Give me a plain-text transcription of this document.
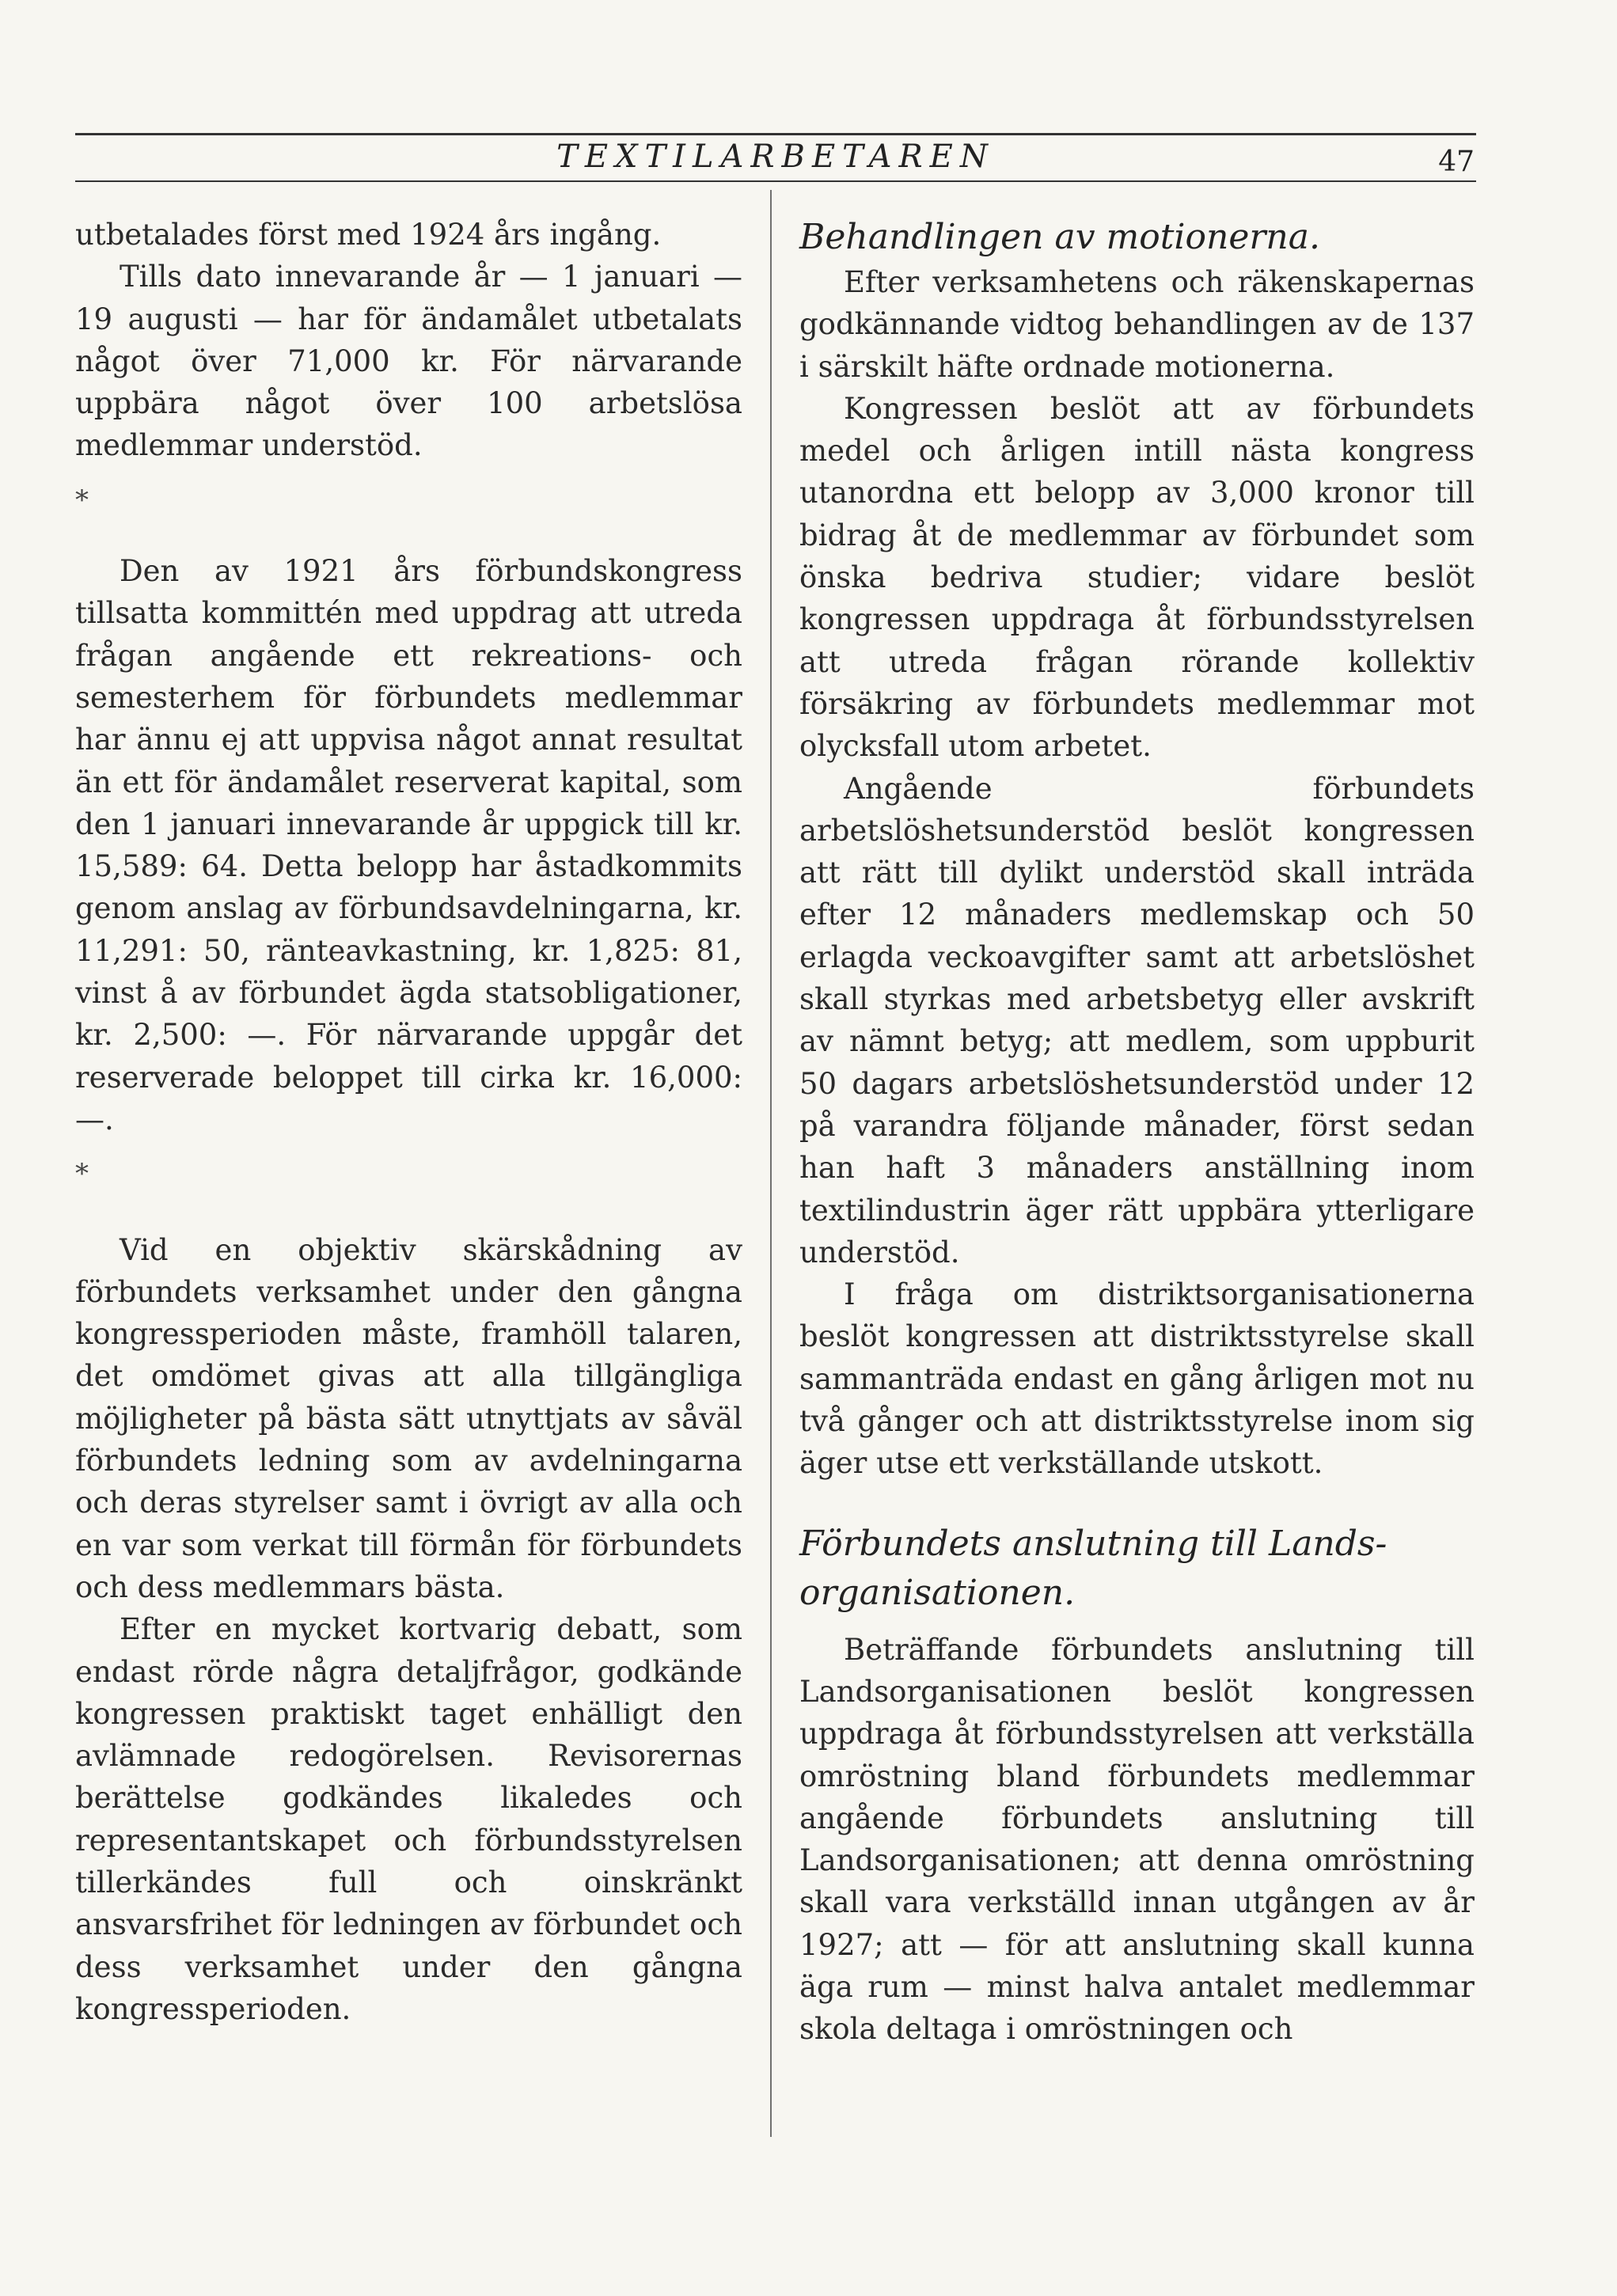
TEXTILARBETAREN	47

utbetalades först med 1924 års ingång.

Tills dato innevarande år — 1 januari —19 augusti — har för ändamålet utbetalats något över 71,000 kr. För närvarande uppbära något över 100 arbetslösa medlemmar understöd.

*

Den av 1921 års förbundskongress tillsatta kommittén med uppdrag att utreda frågan angående ett rekreations- och semesterhem för förbundets medlemmar har ännu ej att uppvisa något annat resultat än ett för ändamålet reserverat kapital, som den 1 januari innevarande år uppgick till kr. 15,589: 64. Detta belopp har åstadkommits genom anslag av förbundsavdelningarna, kr. 11,291: 50, ränteavkastning, kr. 1,825: 81, vinst å av förbundet ägda statsobligationer, kr. 2,500: —. För närvarande uppgår det reserverade beloppet till cirka kr. 16,000: —.

*

Vid en objektiv skärskådning av förbundets verksamhet under den gångna kongressperioden måste, framhöll talaren, det omdömet givas att alla tillgängliga möjligheter på bästa sätt utnyttjats av såväl förbundets ledning som av avdelningarna och deras styrelser samt i övrigt av alla och en var som verkat till förmån för förbundets och dess medlemmars bästa.

Efter en mycket kortvarig debatt, som endast rörde några detaljfrågor, godkände kongressen praktiskt taget enhälligt den avlämnade redogörelsen. Revisorernas berättelse godkändes likaledes och representantskapet och förbundsstyrelsen tillerkändes full och oinskränkt ansvarsfrihet för ledningen av förbundet och dess verksamhet under den gångna kongressperioden.

Behandlingen av motionerna.

Efter verksamhetens och räkenskapernas godkännande vidtog behandlingen av de 137 i särskilt häfte ordnade motionerna.

Kongressen beslöt att av förbundets medel och årligen intill nästa kongress utanordna ett belopp av 3,000 kronor till bidrag åt de medlemmar av förbundet som önska bedriva studier; vidare beslöt kongressen uppdraga åt förbundsstyrelsen att utreda frågan rörande kollektiv försäkring av förbundets medlemmar mot olycksfall utom arbetet.

Angående förbundets arbetslöshetsunderstöd beslöt kongressen att rätt till dylikt understöd skall inträda efter 12 månaders medlemskap och 50 erlagda veckoavgifter samt att arbetslöshet skall styrkas med arbetsbetyg eller avskrift av nämnt betyg; att medlem, som uppburit 50 dagars arbetslöshetsunderstöd under 12 på varandra följande månader, först sedan han haft 3 månaders anställning inom textilindustrin äger rätt uppbära ytterligare understöd.

I fråga om distriktsorganisationerna beslöt kongressen att distriktsstyrelse skall sammanträda endast en gång årligen mot nu två gånger och att distriktsstyrelse inom sig äger utse ett verkställande utskott.

Förbundets anslutning till Lands-

organisationen.

Beträffande förbundets anslutning till Landsorganisationen beslöt kongressen uppdraga åt förbundsstyrelsen att verkställa omröstning bland förbundets medlemmar angående förbundets anslutning till Landsorganisationen; att denna omröstning skall vara verkställd innan utgången av år 1927; att — för att anslutning skall kunna äga rum — minst halva antalet medlemmar skola deltaga i omröstningen och
